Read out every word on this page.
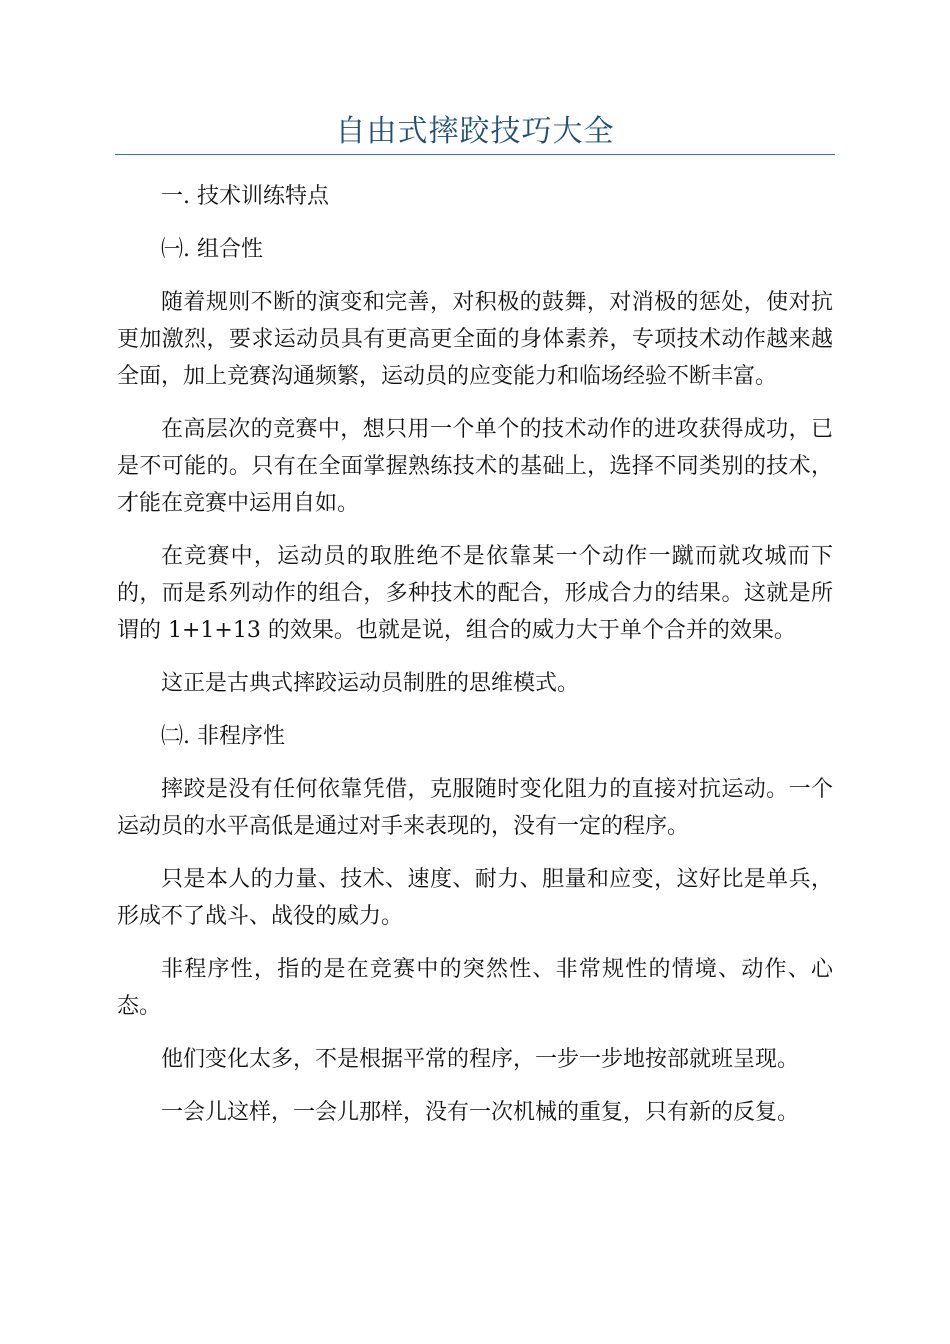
自由式摔跤技巧大全

一. 技术训练特点

㈠. 组合性

随着规则不断的演变和完善，对积极的鼓舞，对消极的惩处，使对抗更加激烈，要求运动员具有更高更全面的身体素养，专项技术动作越来越全面，加上竞赛沟通频繁，运动员的应变能力和临场经验不断丰富。

在高层次的竞赛中，想只用一个单个的技术动作的进攻获得成功，已是不可能的。只有在全面掌握熟练技术的基础上，选择不同类别的技术，才能在竞赛中运用自如。

在竞赛中，运动员的取胜绝不是依靠某一个动作一蹴而就攻城而下的，而是系列动作的组合，多种技术的配合，形成合力的结果。这就是所谓的 1+1+13 的效果。也就是说，组合的威力大于单个合并的效果。

这正是古典式摔跤运动员制胜的思维模式。

㈡. 非程序性

摔跤是没有任何依靠凭借，克服随时变化阻力的直接对抗运动。一个运动员的水平高低是通过对手来表现的，没有一定的程序。

只是本人的力量、技术、速度、耐力、胆量和应变，这好比是单兵，形成不了战斗、战役的威力。

非程序性，指的是在竞赛中的突然性、非常规性的情境、动作、心态。

他们变化太多，不是根据平常的程序，一步一步地按部就班呈现。

一会儿这样，一会儿那样，没有一次机械的重复，只有新的反复。
